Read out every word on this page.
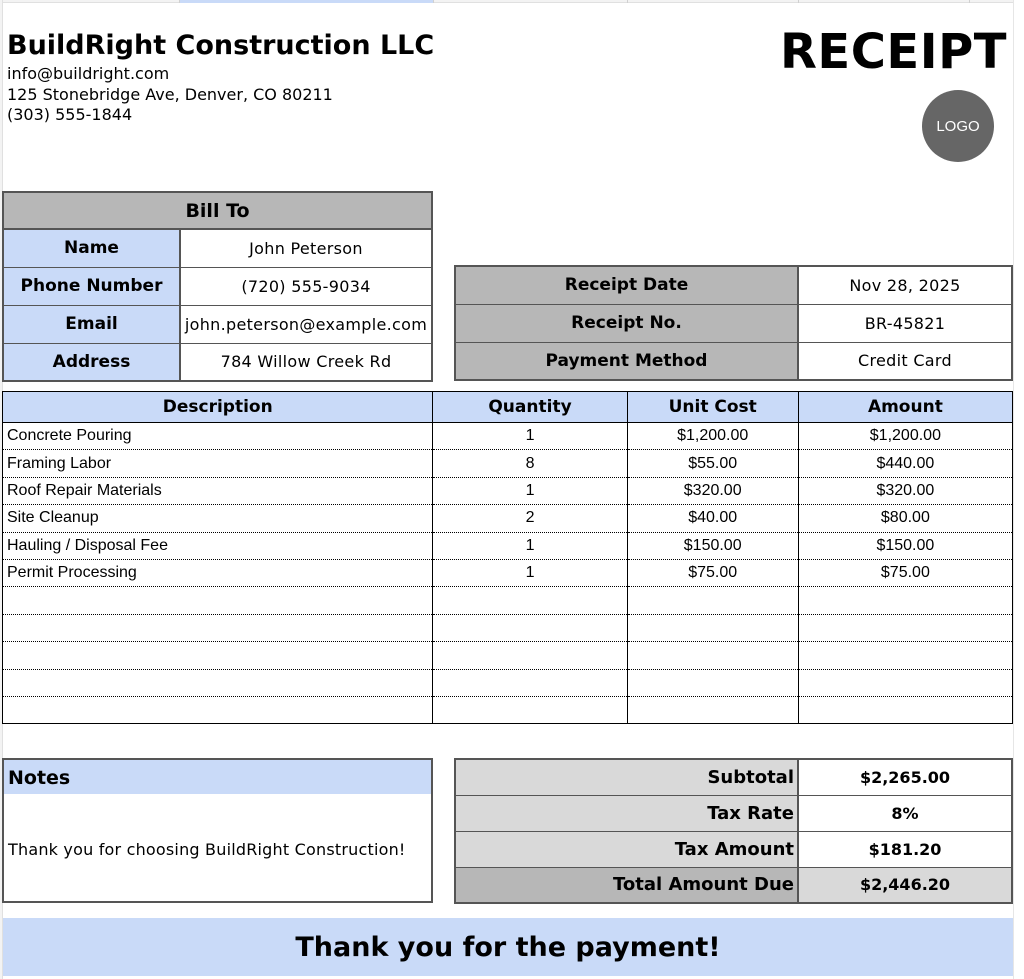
BuildRight Construction LLC
info@buildright.com
125 Stonebridge Ave, Denver, CO 80211
(303) 555-1844
RECEIPT
LOGO
Bill To	
Name	John Peterson
Phone Number	(720) 555-9034
Email	john.peterson@example.com
Address	784 Willow Creek Rd
Receipt Date	Nov 28, 2025
Receipt No.	BR-45821
Payment Method	Credit Card
Description	Quantity	Unit Cost	Amount
Concrete Pouring	1	$1,200.00	$1,200.00
Framing Labor	8	$55.00	$440.00
Roof Repair Materials	1	$320.00	$320.00
Site Cleanup	2	$40.00	$80.00
Hauling / Disposal Fee	1	$150.00	$150.00
Permit Processing	1	$75.00	$75.00

Notes
Thank you for choosing BuildRight Construction!
Subtotal	$2,265.00
Tax Rate	8%
Tax Amount	$181.20
Total Amount Due	$2,446.20
Thank you for the payment!
